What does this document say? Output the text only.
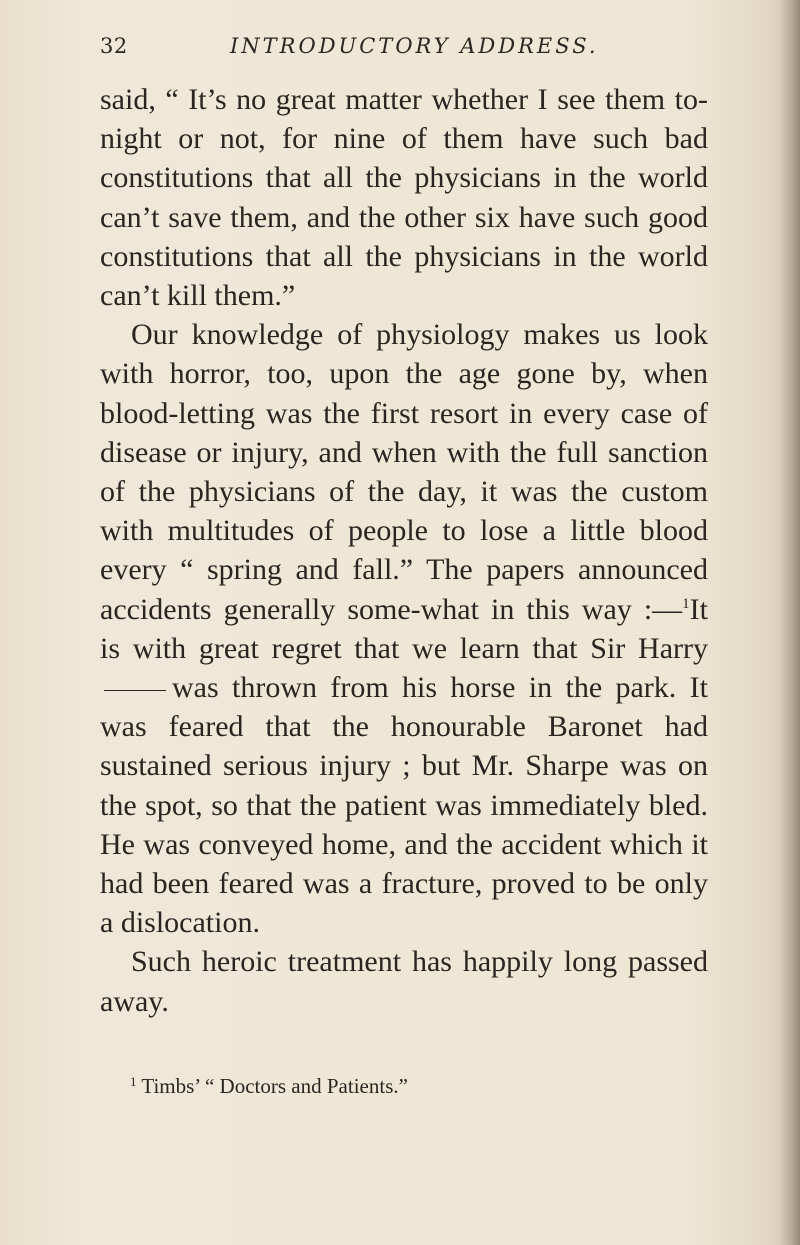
32	INTRODUCTORY ADDRESS.

said, “ It’s no great matter whether I see them to-night or not, for nine of them have such bad constitutions that all the physicians in the world can’t save them, and the other six have such good constitutions that all the physicians in the world can’t kill them.”

Our knowledge of physiology makes us look with horror, too, upon the age gone by, when blood-letting was the first resort in every case of disease or injury, and when with the full sanction of the physicians of the day, it was the custom with multitudes of people to lose a little blood every “ spring and fall.” The papers announced accidents generally some-what in this way :—$^1$It is with great regret that we learn that Sir Harrywas thrown from his horse in the park. It was feared that the honourable Baronet had sustained serious injury ; but Mr. Sharpe was on the spot, so that the patient was immediately bled. He was conveyed home, and the accident which it had been feared was a fracture, proved to be only a dislocation.

Such heroic treatment has happily long passed away.

$^1$ Timbs’ “ Doctors and Patients.”
